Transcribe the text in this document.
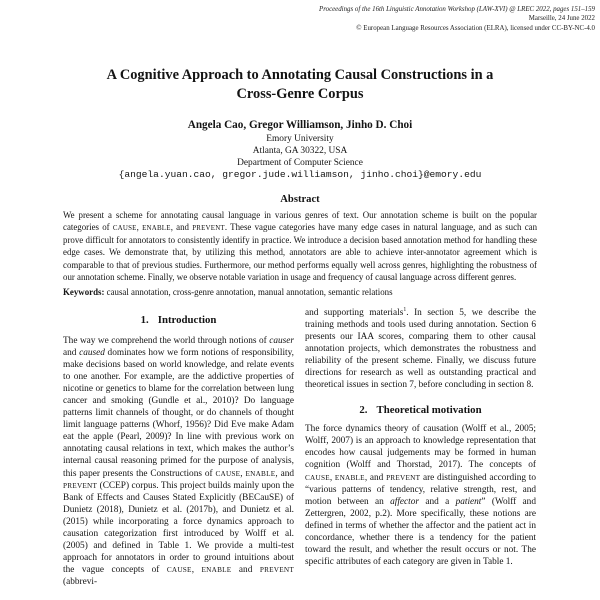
Proceedings of the 16th Linguistic Annotation Workshop (LAW-XVI) @ LREC 2022, pages 151–159
Marseille, 24 June 2022
© European Language Resources Association (ELRA), licensed under CC-BY-NC-4.0
A Cognitive Approach to Annotating Causal Constructions in a Cross-Genre Corpus
Angela Cao, Gregor Williamson, Jinho D. Choi
Emory University
Atlanta, GA 30322, USA
Department of Computer Science
{angela.yuan.cao, gregor.jude.williamson, jinho.choi}@emory.edu
Abstract
We present a scheme for annotating causal language in various genres of text. Our annotation scheme is built on the popular categories of CAUSE, ENABLE, and PREVENT. These vague categories have many edge cases in natural language, and as such can prove difficult for annotators to consistently identify in practice. We introduce a decision based annotation method for handling these edge cases. We demonstrate that, by utilizing this method, annotators are able to achieve inter-annotator agreement which is comparable to that of previous studies. Furthermore, our method performs equally well across genres, highlighting the robustness of our annotation scheme. Finally, we observe notable variation in usage and frequency of causal language across different genres.
Keywords: causal annotation, cross-genre annotation, manual annotation, semantic relations
1. Introduction
The way we comprehend the world through notions of causer and caused dominates how we form notions of responsibility, make decisions based on world knowledge, and relate events to one another. For example, are the addictive properties of nicotine or genetics to blame for the correlation between lung cancer and smoking (Gundle et al., 2010)? Do language patterns limit channels of thought, or do channels of thought limit language patterns (Whorf, 1956)? Did Eve make Adam eat the apple (Pearl, 2009)? In line with previous work on annotating causal relations in text, which makes the author’s internal causal reasoning primed for the purpose of analysis, this paper presents the Constructions of CAUSE, ENABLE, and PREVENT (CCEP) corpus. This project builds mainly upon the Bank of Effects and Causes Stated Explicitly (BECauSE) of Dunietz (2018), Dunietz et al. (2017b), and Dunietz et al. (2015) while incorporating a force dynamics approach to causation categorization first introduced by Wolff et al. (2005) and defined in Table 1. We provide a multi-test approach for annotators in order to ground intuitions about the vague concepts of CAUSE, ENABLE and PREVENT (abbrevi-
and supporting materials$^1$. In section 5, we describe the training methods and tools used during annotation. Section 6 presents our IAA scores, comparing them to other causal annotation projects, which demonstrates the robustness and reliability of the present scheme. Finally, we discuss future directions for research as well as outstanding practical and theoretical issues in section 7, before concluding in section 8.
2. Theoretical motivation
The force dynamics theory of causation (Wolff et al., 2005; Wolff, 2007) is an approach to knowledge representation that encodes how causal judgements may be formed in human cognition (Wolff and Thorstad, 2017). The concepts of CAUSE, ENABLE, and PREVENT are distinguished according to “various patterns of tendency, relative strength, rest, and motion between an affector and a patient” (Wolff and Zettergren, 2002, p.2). More specifically, these notions are defined in terms of whether the affector and the patient act in concordance, whether there is a tendency for the patient toward the result, and whether the result occurs or not. The specific attributes of each category are given in Table 1.
